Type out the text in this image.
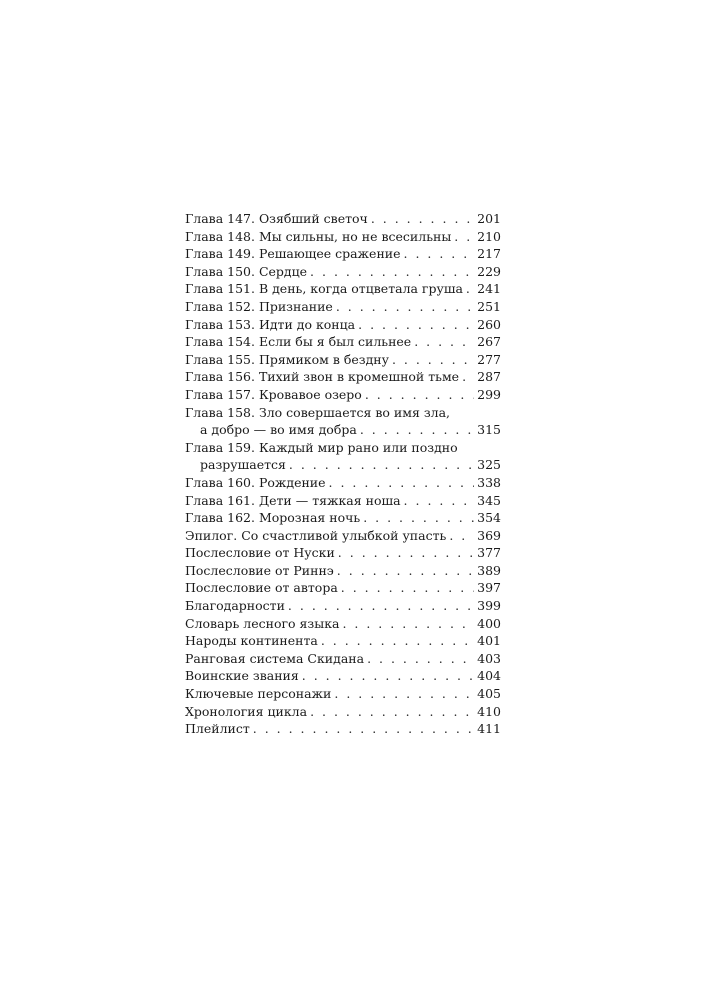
Глава 147. Озябший светоч . . .	201
Глава 148. Мы сильны, но не всесильны . . . 210
Глава 149. Решающее сражение . . .	217
Глава 150. Сердце . . .	229
Глава 151. В день, когда отцветала груша . . . 241
Глава 152. Признание . . .	251
Глава 153. Идти до конца . . .	260
Глава 154. Если бы я был сильнее . . .	267
Глава 155. Прямиком в бездну . . .	277
Глава 156. Тихий звон в кромешной тьме . . . 287
Глава 157. Кровавое озеро . . .	299
Глава 158. Зло совершается во имя зла,
а добро — во имя добра . . .	315
Глава 159. Каждый мир рано или поздно
разрушается . . .	325
Глава 160. Рождение . . .	338
Глава 161. Дети — тяжкая ноша . . .	345
Глава 162. Морозная ночь . . .	354
Эпилог. Со счастливой улыбкой упасть . . . 369
Послесловие от Нуски . . .	377
Послесловие от Риннэ . . .	389
Послесловие от автора . . .	397
Благодарности . . .	399
Словарь лесного языка . . .	400
Народы континента . . .	401
Ранговая система Скидана . . .	403
Воинские звания . . .	404
Ключевые персонажи . . .	405
Хронология цикла . . .	410
Плейлист . . .	411
